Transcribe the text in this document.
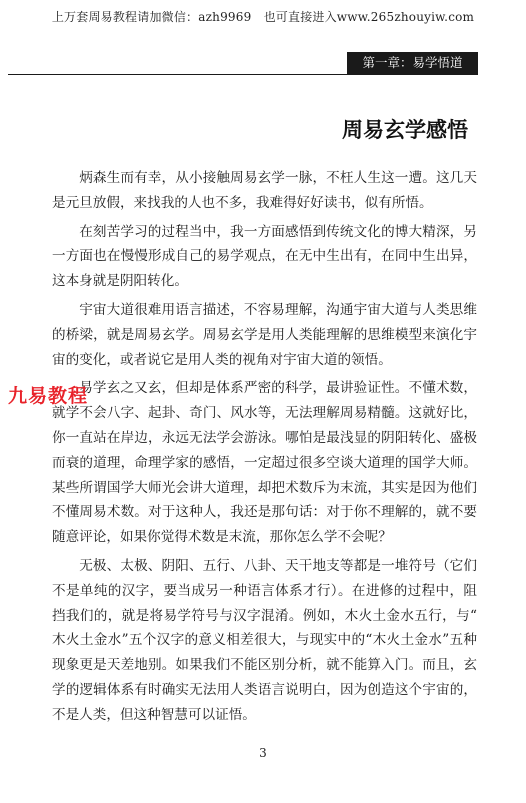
上万套周易教程请加微信：azh9969　也可直接进入www.265zhouyiw.com
第一章：易学悟道
周易玄学感悟

炳森生而有幸，从小接触周易玄学一脉，不枉人生这一遭。这几天是元旦放假，来找我的人也不多，我难得好好读书，似有所悟。

在刻苦学习的过程当中，我一方面感悟到传统文化的博大精深，另一方面也在慢慢形成自己的易学观点，在无中生出有，在同中生出异，这本身就是阴阳转化。

宇宙大道很难用语言描述，不容易理解，沟通宇宙大道与人类思维的桥梁，就是周易玄学。周易玄学是用人类能理解的思维模型来演化宇宙的变化，或者说它是用人类的视角对宇宙大道的领悟。

易学玄之又玄，但却是体系严密的科学，最讲验证性。不懂术数，就学不会八字、起卦、奇门、风水等，无法理解周易精髓。这就好比，你一直站在岸边，永远无法学会游泳。哪怕是最浅显的阴阳转化、盛极而衰的道理，命理学家的感悟，一定超过很多空谈大道理的国学大师。某些所谓国学大师光会讲大道理，却把术数斥为末流，其实是因为他们不懂周易术数。对于这种人，我还是那句话：对于你不理解的，就不要随意评论，如果你觉得术数是末流，那你怎么学不会呢？

无极、太极、阴阳、五行、八卦、天干地支等都是一堆符号（它们不是单纯的汉字，要当成另一种语言体系才行）。在进修的过程中，阻挡我们的，就是将易学符号与汉字混淆。例如，木火土金水五行，与“木火土金水”五个汉字的意义相差很大，与现实中的“木火土金水”五种现象更是天差地别。如果我们不能区别分析，就不能算入门。而且，玄学的逻辑体系有时确实无法用人类语言说明白，因为创造这个宇宙的，不是人类，但这种智慧可以证悟。

九易教程
3
